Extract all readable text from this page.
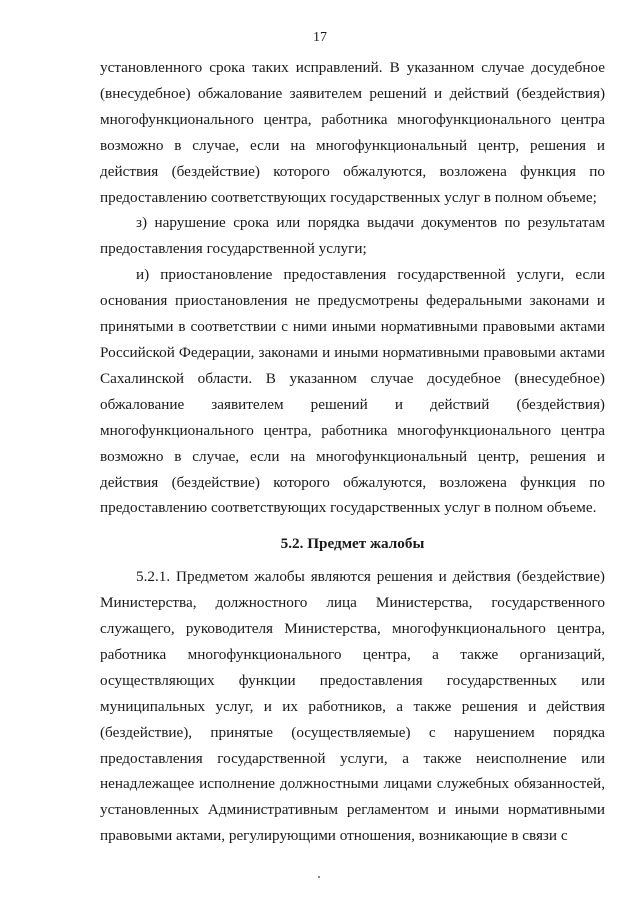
17

установленного срока таких исправлений. В указанном случае досудебное (внесудебное) обжалование заявителем решений и действий (бездействия) многофункционального центра, работника многофункционального центра возможно в случае, если на многофункциональный центр, решения и действия (бездействие) которого обжалуются, возложена функция по предоставлению соответствующих государственных услуг в полном объеме;

з) нарушение срока или порядка выдачи документов по результатам предоставления государственной услуги;

и) приостановление предоставления государственной услуги, если основания приостановления не предусмотрены федеральными законами и принятыми в соответствии с ними иными нормативными правовыми актами Российской Федерации, законами и иными нормативными правовыми актами Сахалинской области. В указанном случае досудебное (внесудебное) обжалование заявителем решений и действий (бездействия) многофункционального центра, работника многофункционального центра возможно в случае, если на многофункциональный центр, решения и действия (бездействие) которого обжалуются, возложена функция по предоставлению соответствующих государственных услуг в полном объеме.

5.2. Предмет жалобы

5.2.1. Предметом жалобы являются решения и действия (бездействие) Министерства, должностного лица Министерства, государственного служащего, руководителя Министерства, многофункционального центра, работника многофункционального центра, а также организаций, осуществляющих функции предоставления государственных или муниципальных услуг, и их работников, а также решения и действия (бездействие), принятые (осуществляемые) с нарушением порядка предоставления государственной услуги, а также неисполнение или ненадлежащее исполнение должностными лицами служебных обязанностей, установленных Административным регламентом и иными нормативными правовыми актами, регулирующими отношения, возникающие в связи с
